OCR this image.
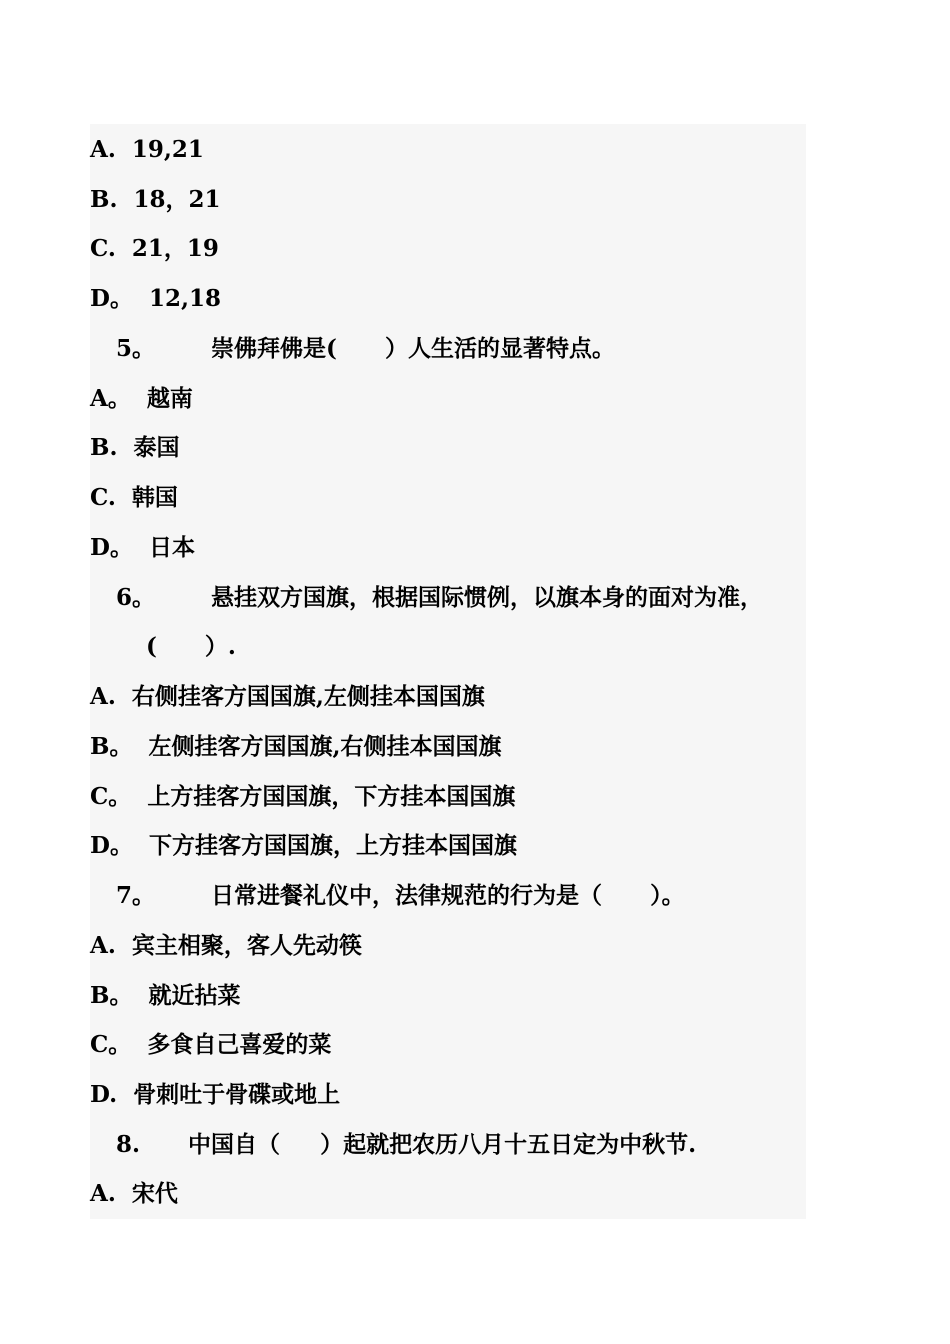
A.  19,21
B.  18，21
C.  21，19
D。  12,18
5。       崇佛拜佛是(      ）人生活的显著特点。
A。  越南
B.  泰国
C.  韩国
D。  日本
6。       悬挂双方国旗，根据国际惯例，以旗本身的面对为准，
(      ）.
A.  右侧挂客方国国旗,左侧挂本国国旗
B。  左侧挂客方国国旗,右侧挂本国国旗
C。  上方挂客方国国旗，下方挂本国国旗
D。  下方挂客方国国旗，上方挂本国国旗
7。       日常进餐礼仪中，法律规范的行为是（      ）。
A.  宾主相聚，客人先动筷
B。  就近拈菜
C。  多食自己喜爱的菜
D.  骨刺吐于骨碟或地上
8.      中国自（     ）起就把农历八月十五日定为中秋节.
A.  宋代
